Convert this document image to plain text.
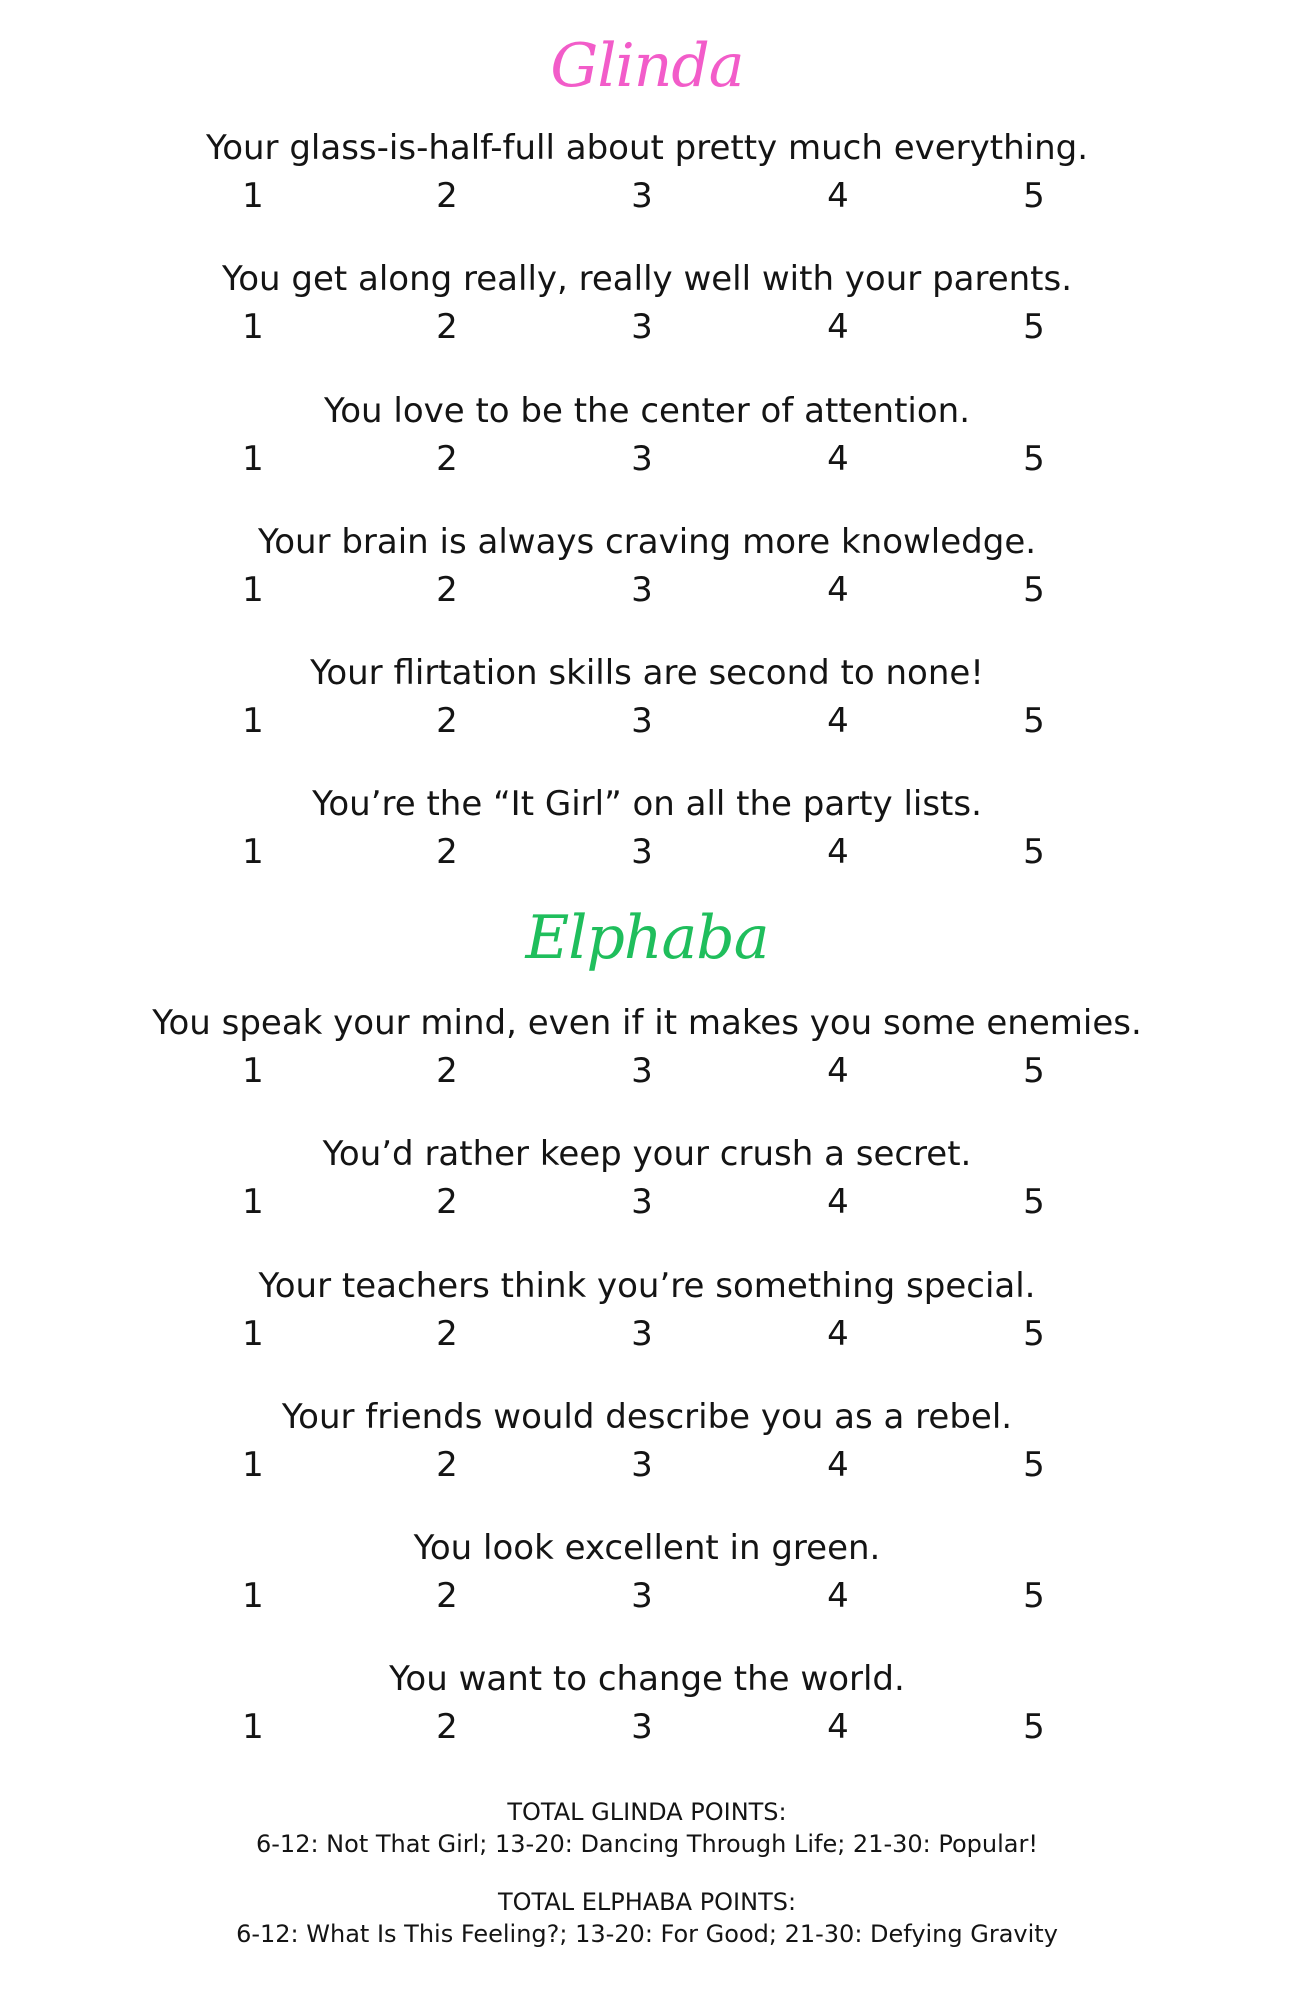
Glinda
Your glass-is-half-full about pretty much everything.
1	2	3	4	5
You get along really, really well with your parents.
1	2	3	4	5
You love to be the center of attention.
1	2	3	4	5
Your brain is always craving more knowledge.
1	2	3	4	5
Your flirtation skills are second to none!
1	2	3	4	5
You’re the “It Girl” on all the party lists.
1	2	3	4	5
Elphaba
You speak your mind, even if it makes you some enemies.
1	2	3	4	5
You’d rather keep your crush a secret.
1	2	3	4	5
Your teachers think you’re something special.
1	2	3	4	5
Your friends would describe you as a rebel.
1	2	3	4	5
You look excellent in green.
1	2	3	4	5
You want to change the world.
1	2	3	4	5
TOTAL GLINDA POINTS:
6-12: Not That Girl; 13-20: Dancing Through Life; 21-30: Popular!
TOTAL ELPHABA POINTS:
6-12: What Is This Feeling?; 13-20: For Good; 21-30: Defying Gravity
